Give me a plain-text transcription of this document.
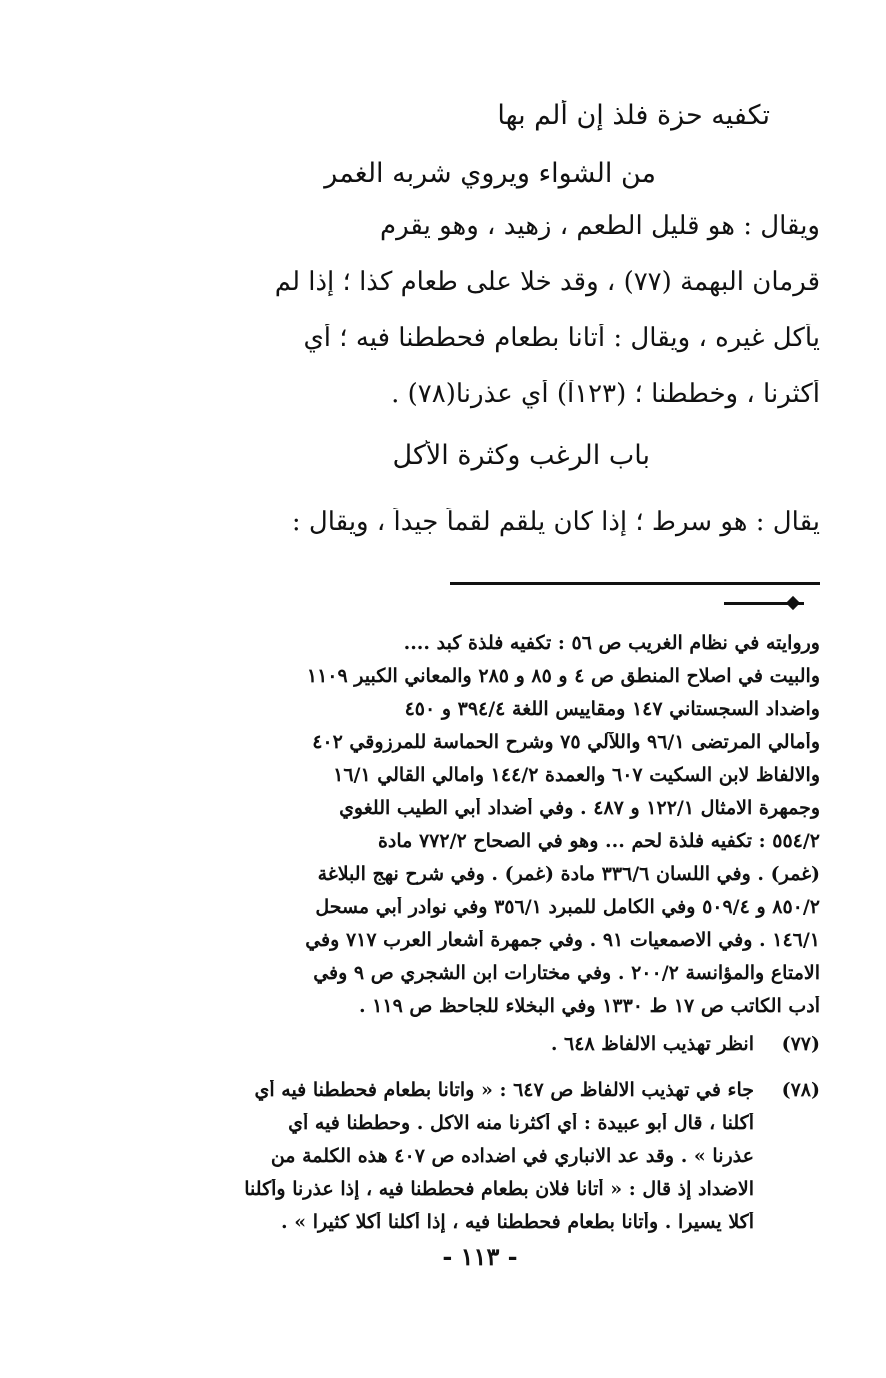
تكفيه حزة فلذ إن ألم بها
من الشواء ويروي شربه الغمر
ويقال : هو قليل الطعم ، زهيد ، وهو يقرم
قرمان البهمة (٧٧) ، وقد خلا على طعام كذا ؛ إذا لم
يأكل غيره ، ويقال : أتانا بطعام فحططنا فيه ؛ أي
أكثرنا ، وخططنا ؛ (١٢٣آ) أي عذرنا(٧٨) .
باب الرغب وكثرة الأكل
يقال : هو سرط ؛ إذا كان يلقم لقماً جيداً ، ويقال :
وروايته في نظام الغريب ص ٥٦ : تكفيه فلذة كبد ....
والبيت في اصلاح المنطق ص ٤ و ٨٥ و ٢٨٥ والمعاني الكبير ١١٠٩
واضداد السجستاني ١٤٧ ومقاييس اللغة ٣٩٤/٤ و ٤٥٠
وأمالي المرتضى ٩٦/١ واللآلي ٧٥ وشرح الحماسة للمرزوقي ٤٠٢
والالفاظ لابن السكيت ٦٠٧ والعمدة ١٤٤/٢ وامالي القالي ١٦/١
وجمهرة الامثال ١٢٢/١ و ٤٨٧ . وفي أضداد أبي الطيب اللغوي
٥٥٤/٢ : تكفيه فلذة لحم ... وهو في الصحاح ٧٧٢/٢ مادة
(غمر) . وفي اللسان ٣٣٦/٦ مادة (غمر) . وفي شرح نهج البلاغة
٨٥٠/٢ و ٥٠٩/٤ وفي الكامل للمبرد ٣٥٦/١ وفي نوادر أبي مسحل
١٤٦/١ . وفي الاصمعيات ٩١ . وفي جمهرة أشعار العرب ٧١٧ وفي
الامتاع والمؤانسة ٢٠٠/٢ . وفي مختارات ابن الشجري ص ٩ وفي
أدب الكاتب ص ١٧ ط ١٣٣٠ وفي البخلاء للجاحظ ص ١١٩ .
(٧٧)
انظر تهذيب الالفاظ ٦٤٨ .
(٧٨)
جاء في تهذيب الالفاظ ص ٦٤٧ : « واتانا بطعام فحططنا فيه أي
أكلنا ، قال أبو عبيدة : أي أكثرنا منه الاكل . وحططنا فيه أي
عذرنا » . وقد عد الانباري في اضداده ص ٤٠٧ هذه الكلمة من
الاضداد إذ قال : « أتانا فلان بطعام فحططنا فيه ، إذا عذرنا وأكلنا
أكلا يسيرا . وأتانا بطعام فحططنا فيه ، إذا أكلنا أكلا كثيرا » .
- ١١٣ -
